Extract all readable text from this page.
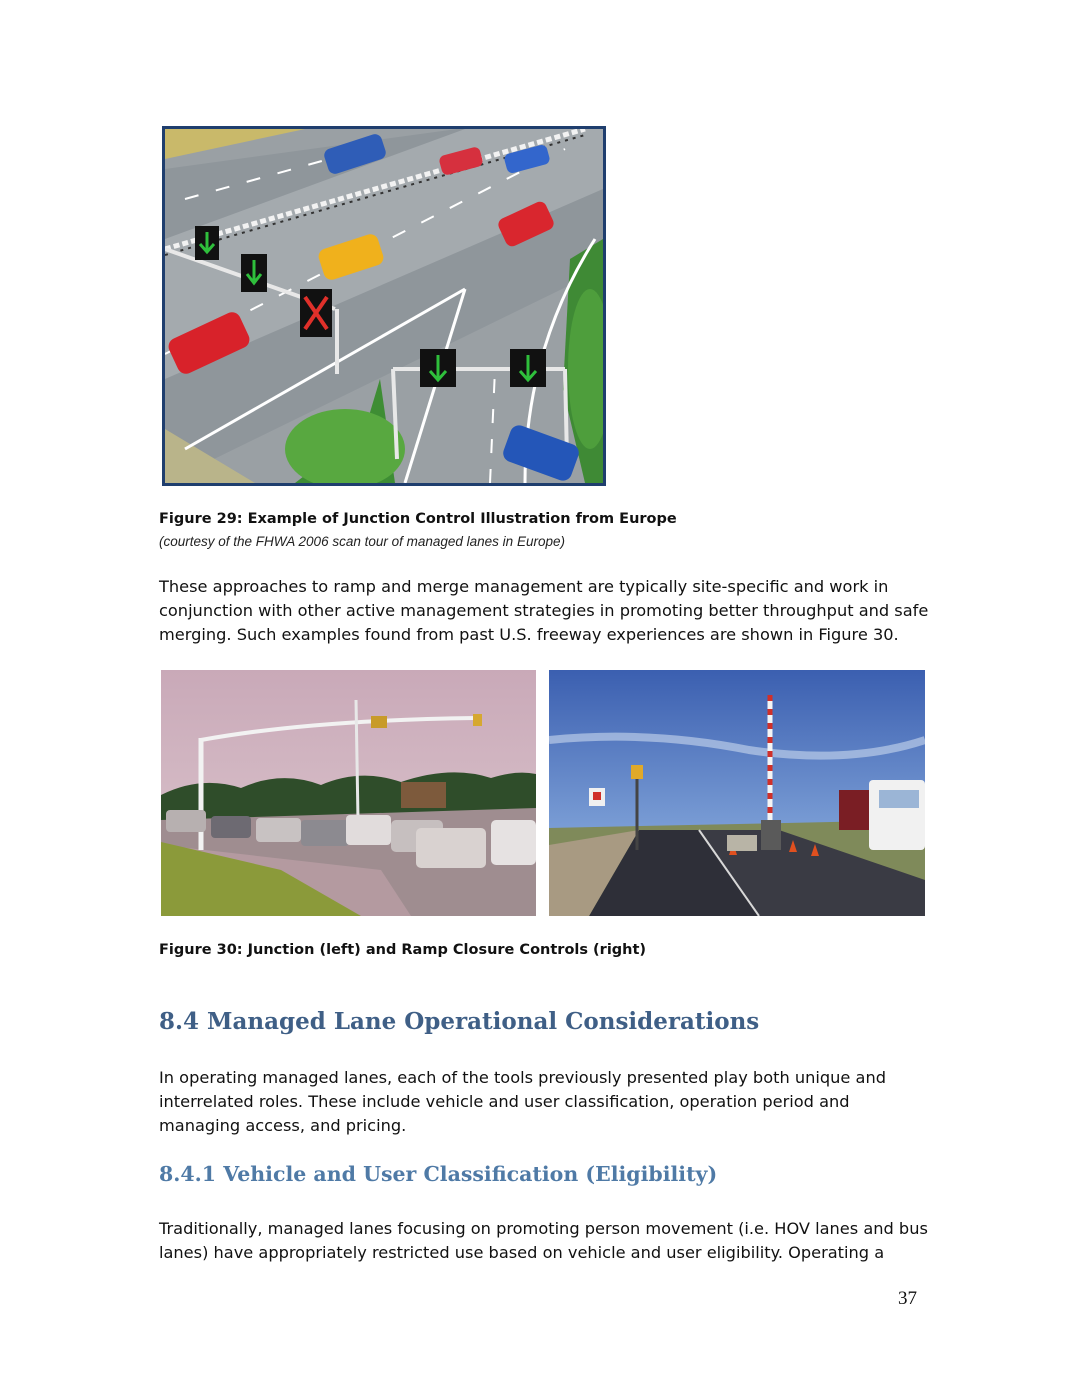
Figure 29: Example of Junction Control Illustration from Europe
(courtesy of the FHWA 2006 scan tour of managed lanes in Europe)

These approaches to ramp and merge management are typically site-specific and work in conjunction with other active management strategies in promoting better throughput and safe merging. Such examples found from past U.S. freeway experiences are shown in Figure 30.

Figure 30: Junction (left) and Ramp Closure Controls (right)
8.4 Managed Lane Operational Considerations

In operating managed lanes, each of the tools previously presented play both unique and interrelated roles. These include vehicle and user classification, operation period and managing access, and pricing.

8.4.1 Vehicle and User Classification (Eligibility)

Traditionally, managed lanes focusing on promoting person movement (i.e. HOV lanes and bus lanes) have appropriately restricted use based on vehicle and user eligibility. Operating a

37
